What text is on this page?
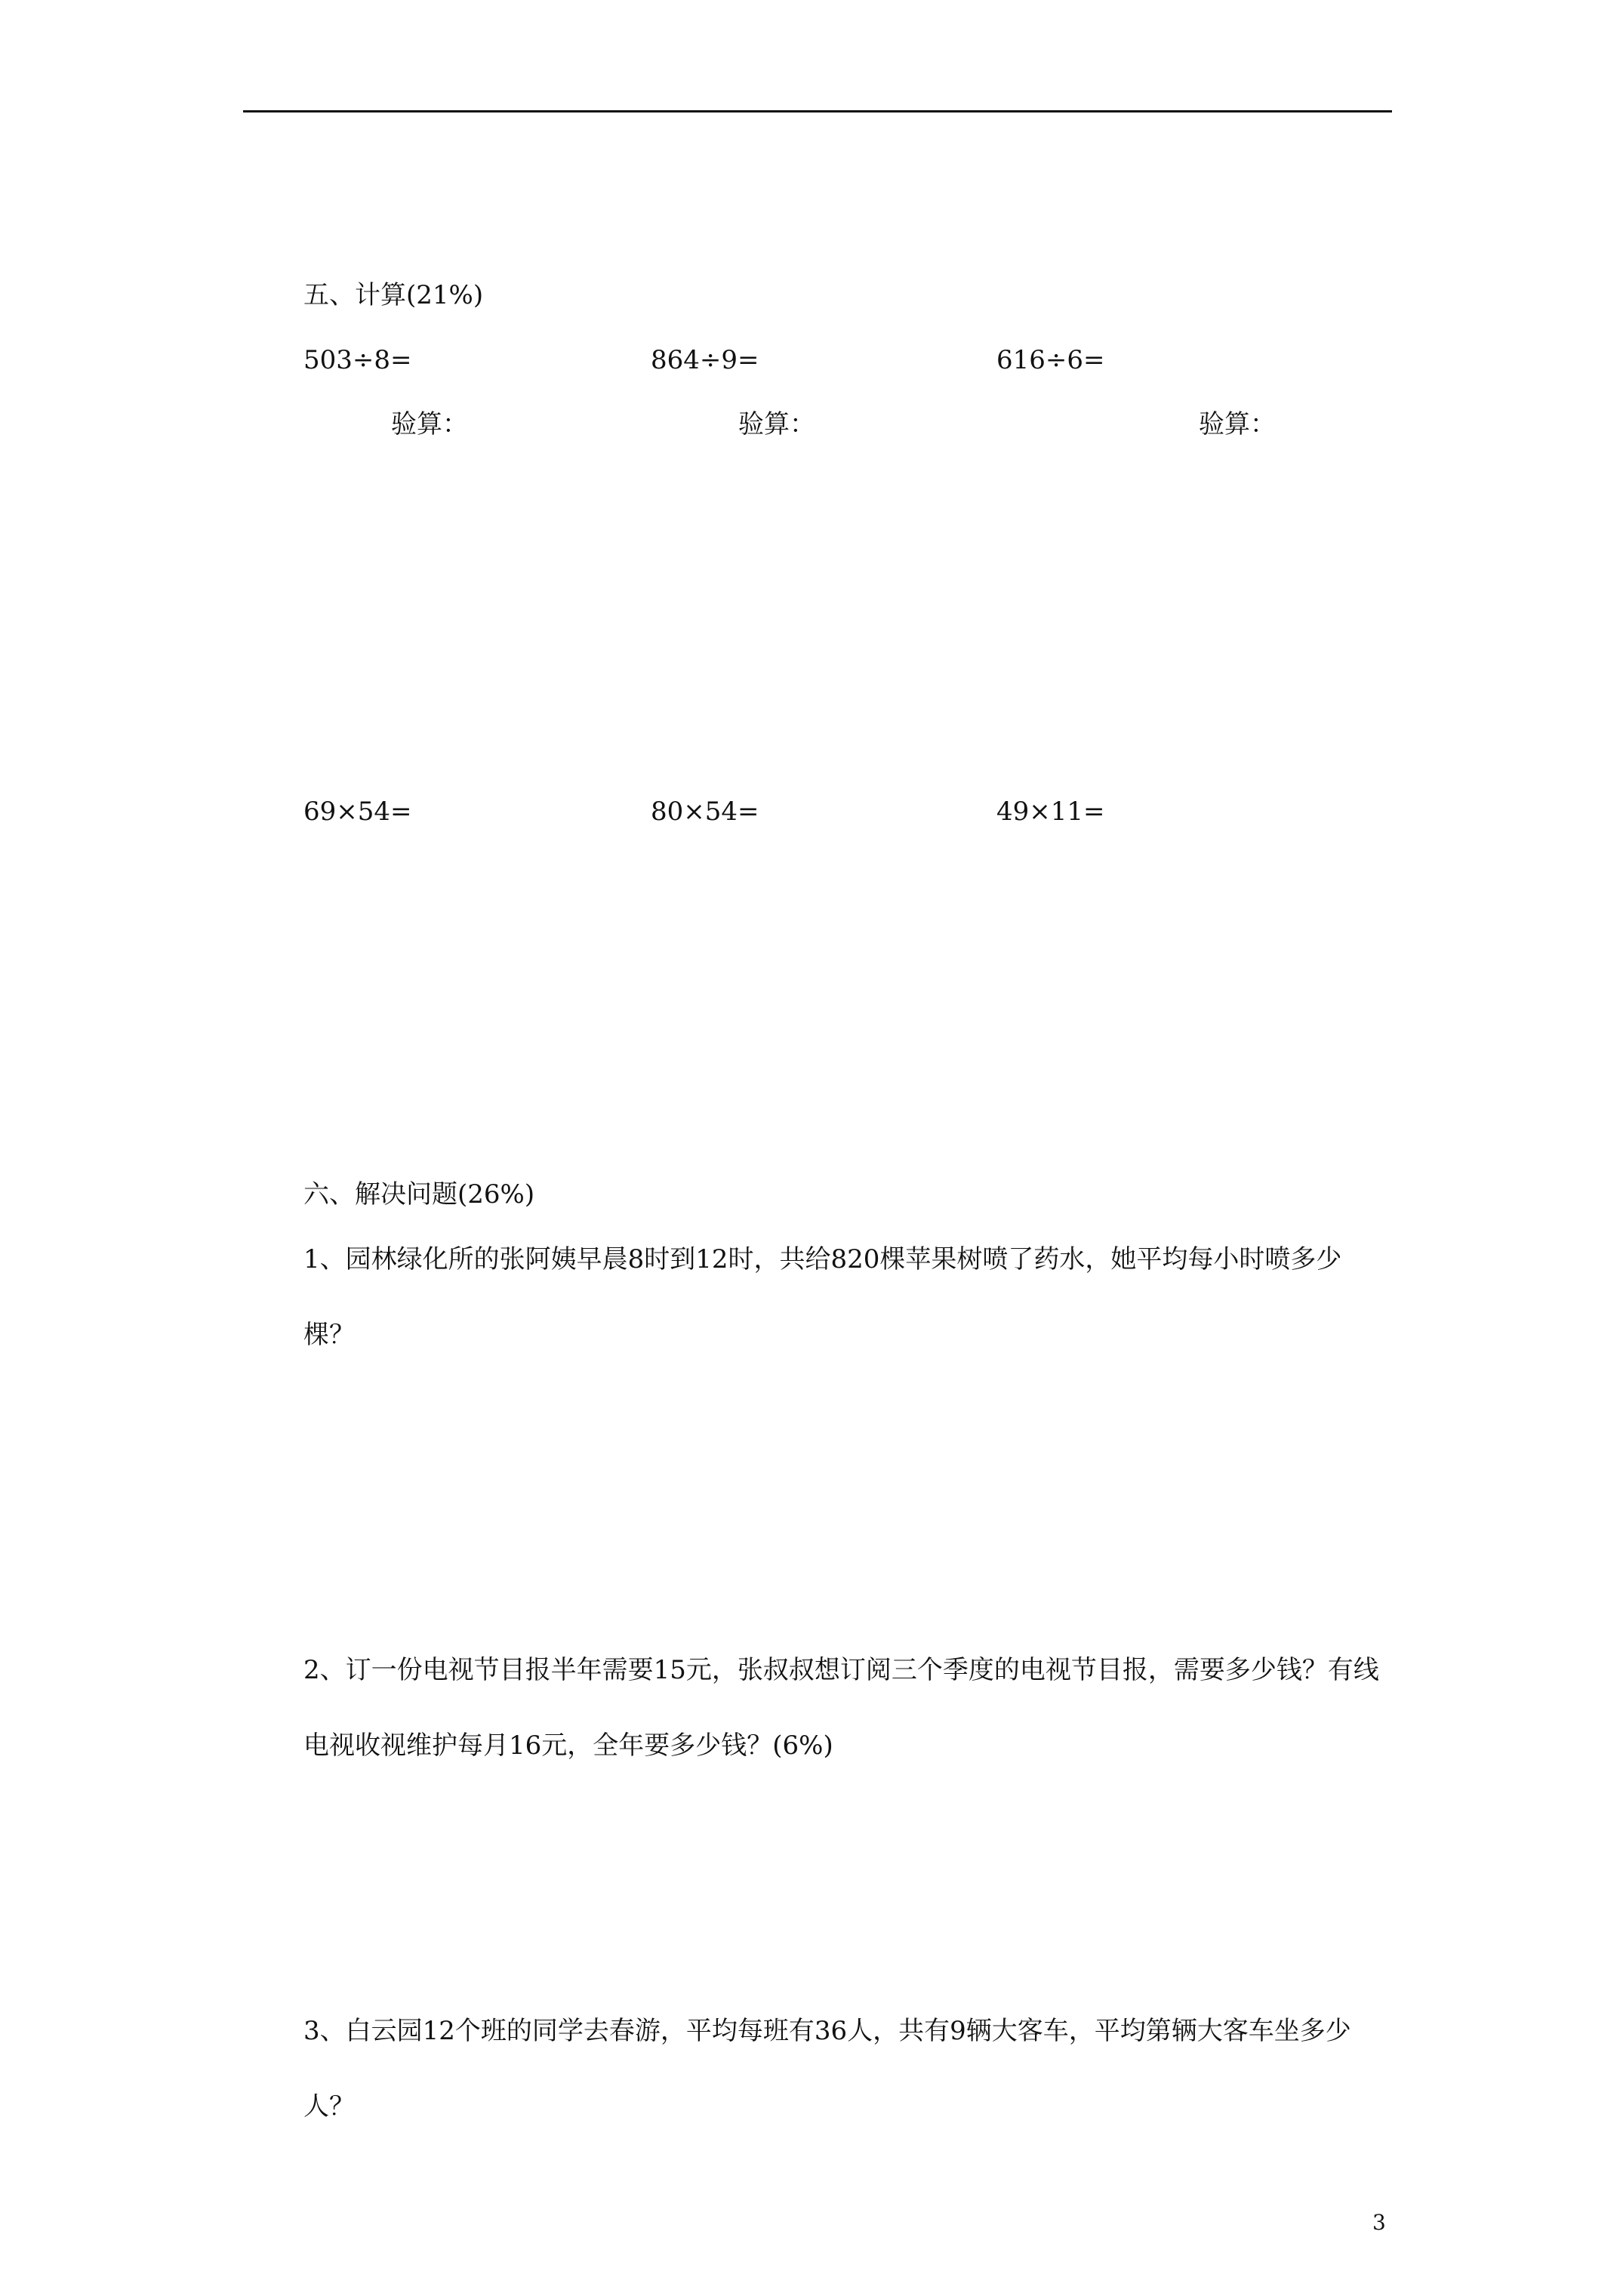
五、计算(21%)
503÷8=	864÷9=	616÷6=
验算：	验算：	验算：
69×54=	80×54=	49×11=
六、解决问题(26%)
1、园林绿化所的张阿姨早晨8时到12时，共给820棵苹果树喷了药水，她平均每小时喷多少棵？
2、订一份电视节目报半年需要15元，张叔叔想订阅三个季度的电视节目报，需要多少钱？有线电视收视维护每月16元，全年要多少钱？(6%)
3、白云园12个班的同学去春游，平均每班有36人，共有9辆大客车，平均第辆大客车坐多少人？
3
